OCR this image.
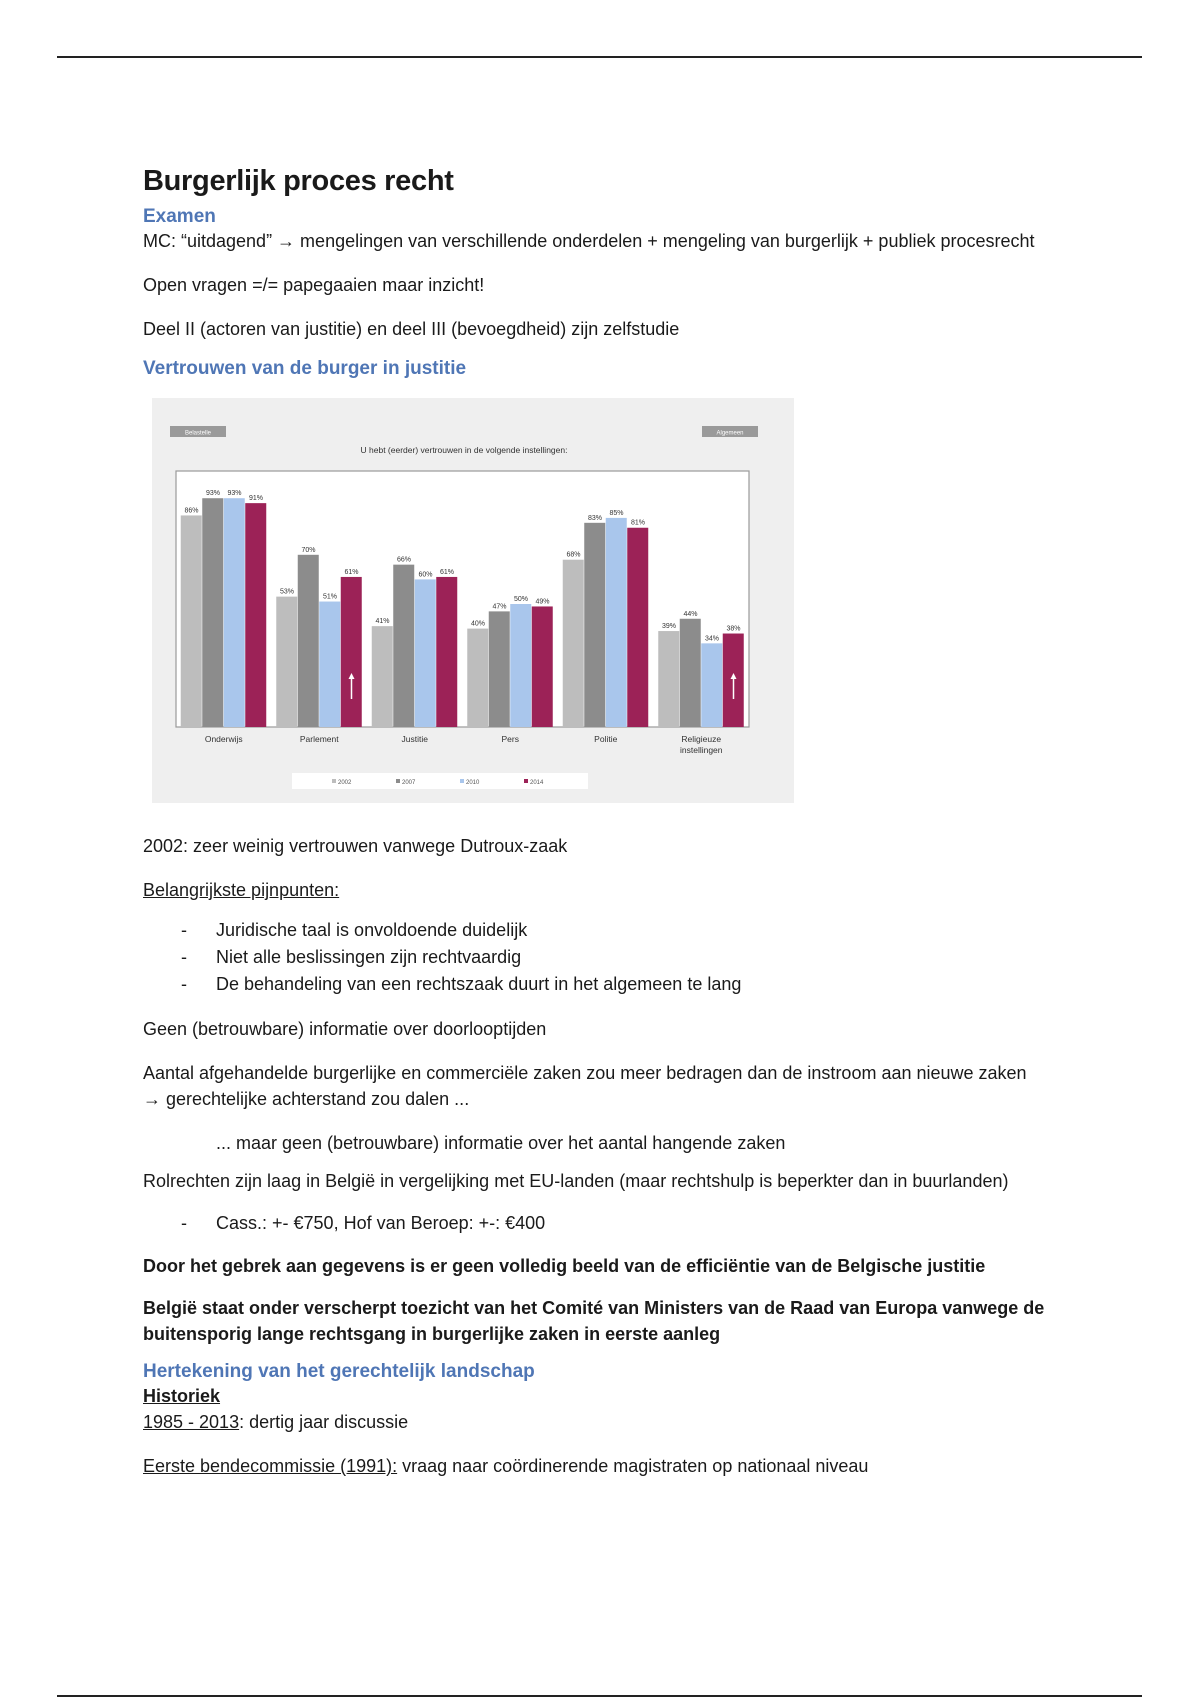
Burgerlijk proces recht
Examen

MC: “uitdagend” → mengelingen van verschillende onderdelen + mengeling van burgerlijk + publiek procesrecht

Open vragen =/= papegaaien maar inzicht!

Deel II (actoren van justitie) en deel III (bevoegdheid) zijn zelfstudie

Vertrouwen van de burger in justitie
Belastelle	Algemeen
U hebt (eerder) vertrouwen in de volgende instellingen:
86%
93% 93%
91%
Onderwijs
53%
70%
51%
61%
Parlement
41%
66%
60% 61%
Justitie
40%
47%
50% 49%
Pers
68%
83%
85%
81%
Politie
39%
44%
34%
38%
Religieuze
instellingen
2002	2007	2010	2014

2002: zeer weinig vertrouwen vanwege Dutroux-zaak

Belangrijkste pijnpunten:

- Juridische taal is onvoldoende duidelijk
- Niet alle beslissingen zijn rechtvaardig
- De behandeling van een rechtszaak duurt in het algemeen te lang

Geen (betrouwbare) informatie over doorlooptijden

Aantal afgehandelde burgerlijke en commerciële zaken zou meer bedragen dan de instroom aan nieuwe zaken

→ gerechtelijke achterstand zou dalen ...

... maar geen (betrouwbare) informatie over het aantal hangende zaken

Rolrechten zijn laag in België in vergelijking met EU-landen (maar rechtshulp is beperkter dan in buurlanden)

- Cass.: +- €750, Hof van Beroep: +-: €400

Door het gebrek aan gegevens is er geen volledig beeld van de efficiëntie van de Belgische justitie

België staat onder verscherpt toezicht van het Comité van Ministers van de Raad van Europa vanwege de buitensporig lange rechtsgang in burgerlijke zaken in eerste aanleg

Hertekening van het gerechtelijk landschap

Historiek

1985 - 2013: dertig jaar discussie

Eerste bendecommissie (1991): vraag naar coördinerende magistraten op nationaal niveau
